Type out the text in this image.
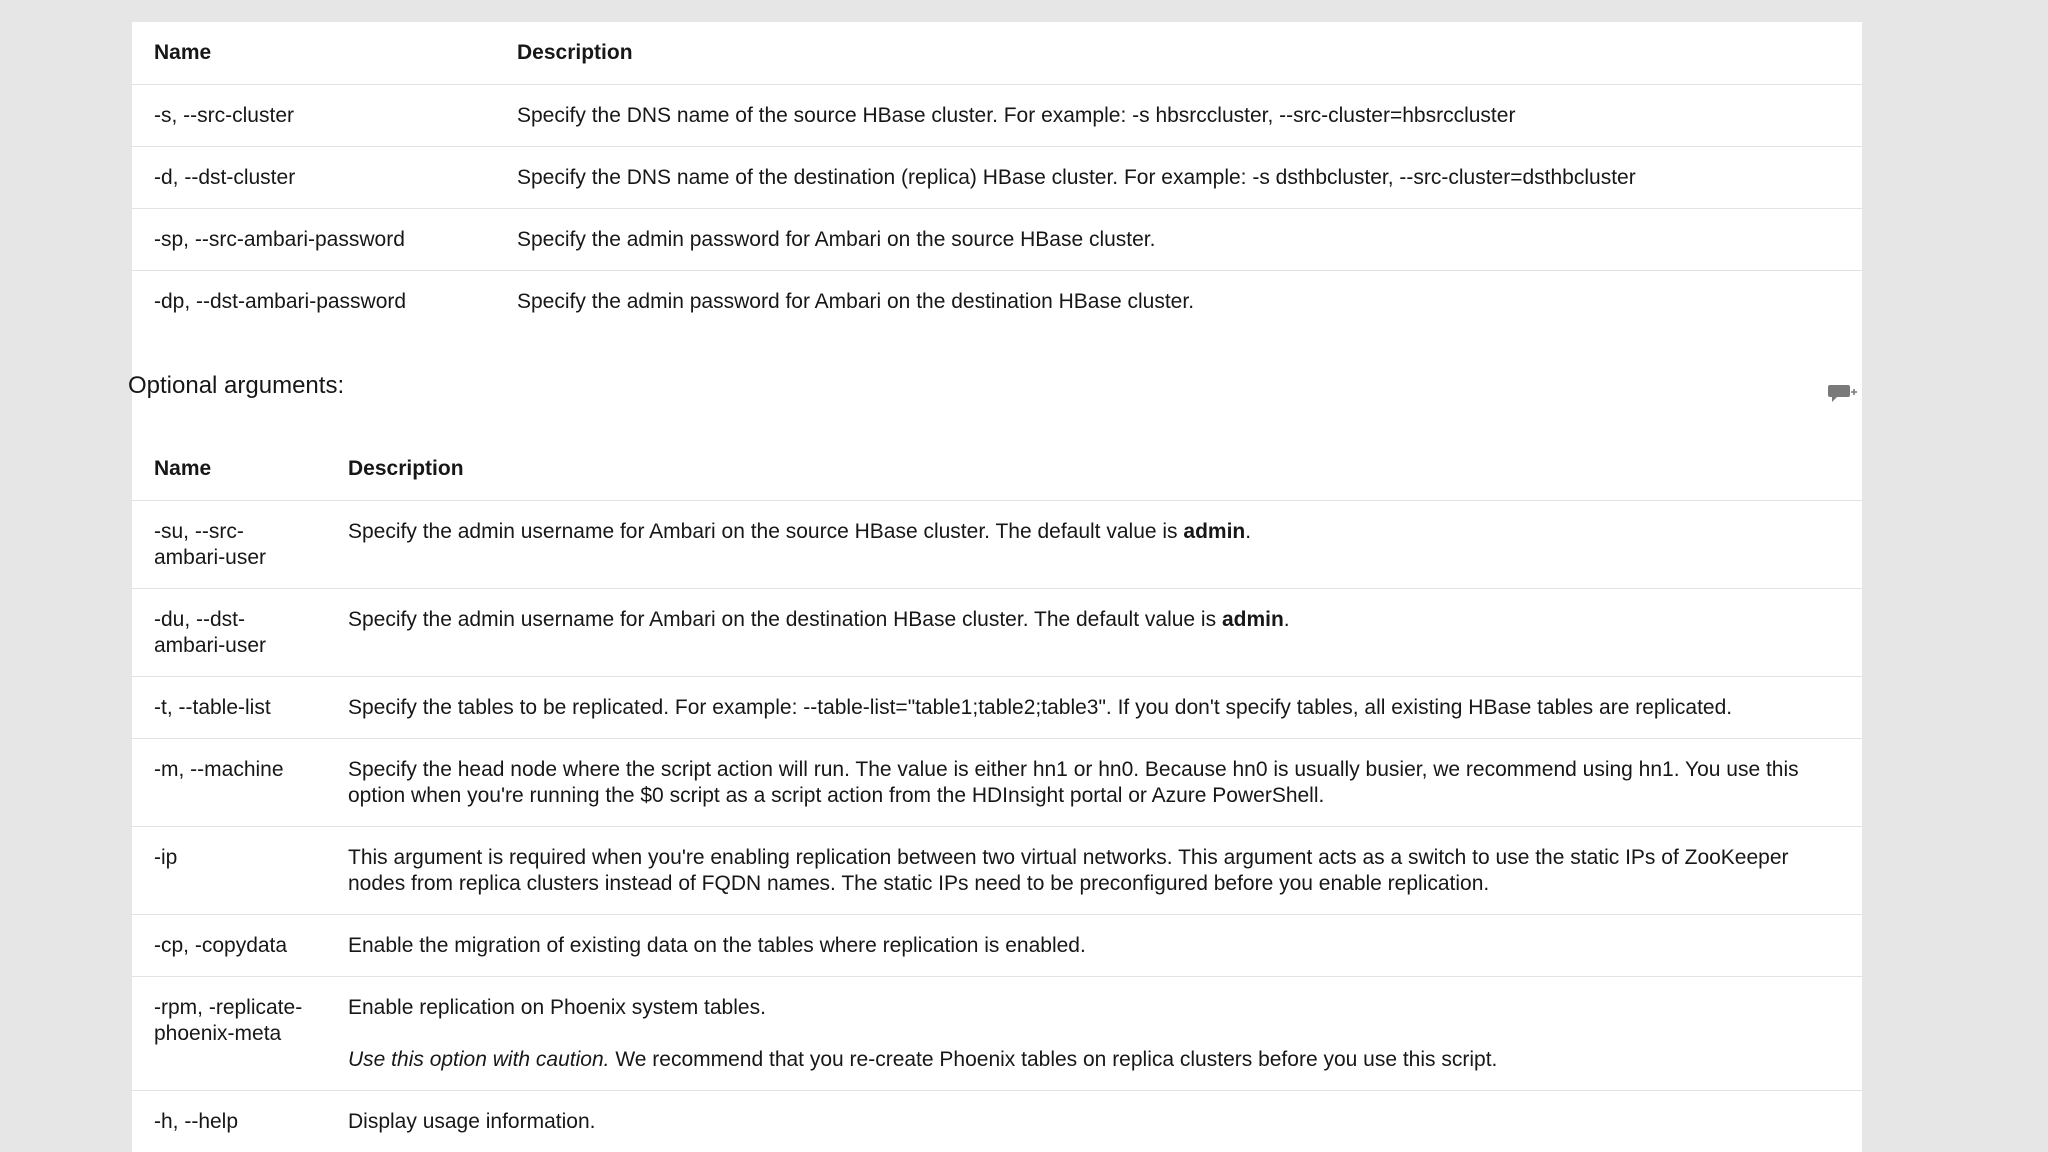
Name	Description
-s, --src-cluster	Specify the DNS name of the source HBase cluster. For example: -s hbsrccluster, --src-cluster=hbsrccluster
-d, --dst-cluster	Specify the DNS name of the destination (replica) HBase cluster. For example: -s dsthbcluster, --src-cluster=dsthbcluster
-sp, --src-ambari-password	Specify the admin password for Ambari on the source HBase cluster.
-dp, --dst-ambari-password	Specify the admin password for Ambari on the destination HBase cluster.
Optional arguments:
Name	Description
-su, --src-ambari-user	Specify the admin username for Ambari on the source HBase cluster. The default value is admin.
-du, --dst-ambari-user	Specify the admin username for Ambari on the destination HBase cluster. The default value is admin.
-t, --table-list	Specify the tables to be replicated. For example: --table-list="table1;table2;table3". If you don't specify tables, all existing HBase tables are replicated.
-m, --machine	Specify the head node where the script action will run. The value is either hn1 or hn0. Because hn0 is usually busier, we recommend using hn1. You use this option when you're running the $0 script as a script action from the HDInsight portal or Azure PowerShell.
-ip	This argument is required when you're enabling replication between two virtual networks. This argument acts as a switch to use the static IPs of ZooKeeper nodes from replica clusters instead of FQDN names. The static IPs need to be preconfigured before you enable replication.
-cp, -copydata	Enable the migration of existing data on the tables where replication is enabled.
-rpm, -replicate-phoenix-meta	Enable replication on Phoenix system tables.
Use this option with caution. We recommend that you re-create Phoenix tables on replica clusters before you use this script.

-h, --help	Display usage information.
